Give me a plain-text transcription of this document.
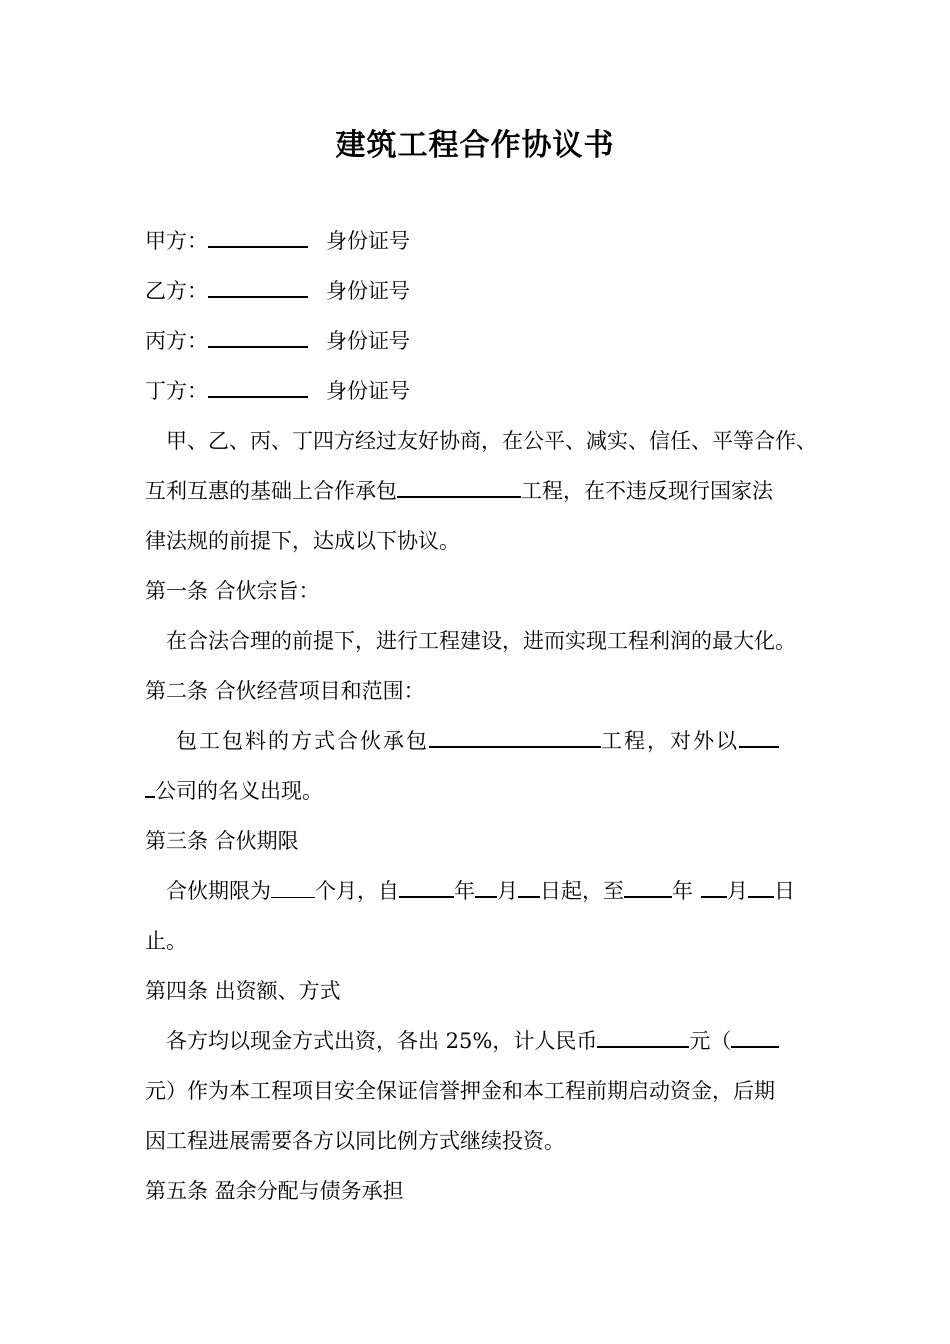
建筑工程合作协议书
甲方：	身份证号
乙方：	身份证号
丙方：	身份证号
丁方：	身份证号
甲、乙、丙、丁四方经过友好协商，在公平、减实、信任、平等合作、
互利互惠的基础上合作承包	工程，在不违反现行国家法
律法规的前提下，达成以下协议。
第一条 合伙宗旨：
在合法合理的前提下，进行工程建设，进而实现工程利润的最大化。
第二条 合伙经营项目和范围：
包工包料的方式合伙承包	工程，对外以
公司的名义出现。
第三条 合伙期限
合伙期限为 个月，自	年 月 日起，至 年 月 日
止。
第四条 出资额、方式
各方均以现金方式出资，各出 25%，计人民币	元（
元）作为本工程项目安全保证信誉押金和本工程前期启动资金，后期
因工程进展需要各方以同比例方式继续投资。
第五条 盈余分配与债务承担
